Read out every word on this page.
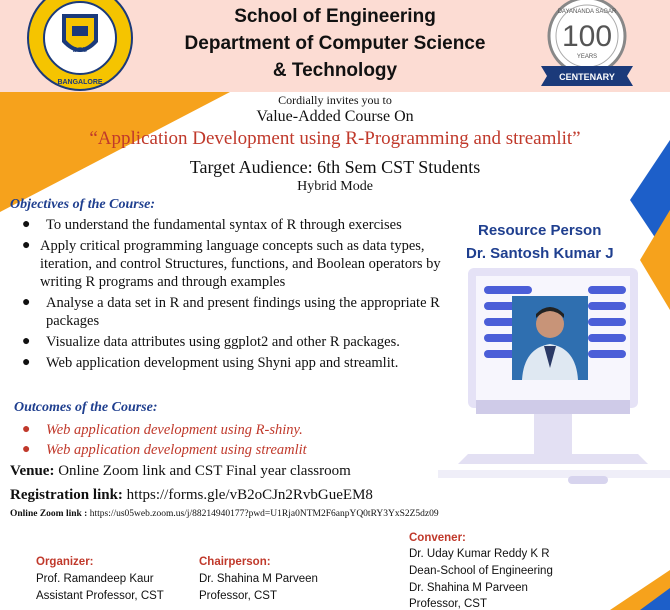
DSU
BANGALORE
School of Engineering
Department of Computer Science
& Technology
DAYANANDA SAGAR
100
YEARS
CENTENARY
Cordially invites you to
Value-Added Course On
“Application Development using R-Programming and streamlit”
Target Audience: 6th Sem CST Students
Hybrid Mode
Objectives of the Course:
● To understand the fundamental syntax of R through exercises
● Apply critical programming language concepts such as data types, iteration, and control Structures, functions, and Boolean operators by writing R programs and through examples
● Analyse a data set in R and present findings using the appropriate R packages
● Visualize data attributes using ggplot2 and other R packages.
● Web application development using Shyni app and streamlit.
Resource Person
Dr. Santosh Kumar J
Outcomes of the Course:
● Web application development using R-shiny.
● Web application development using streamlit
Venue: Online Zoom link and CST Final year classroom
Registration link: https://forms.gle/vB2oCJn2RvbGueEM8
Online Zoom link : https://us05web.zoom.us/j/88214940177?pwd=U1Rja0NTM2F6anpYQ0tRY3YxS2Z5dz09
Organizer:
Prof. Ramandeep Kaur
Assistant Professor, CST
Chairperson:
Dr. Shahina M Parveen
Professor, CST
Convener:
Dr. Uday Kumar Reddy K R
Dean-School of Engineering
Dr. Shahina M Parveen
Professor, CST
